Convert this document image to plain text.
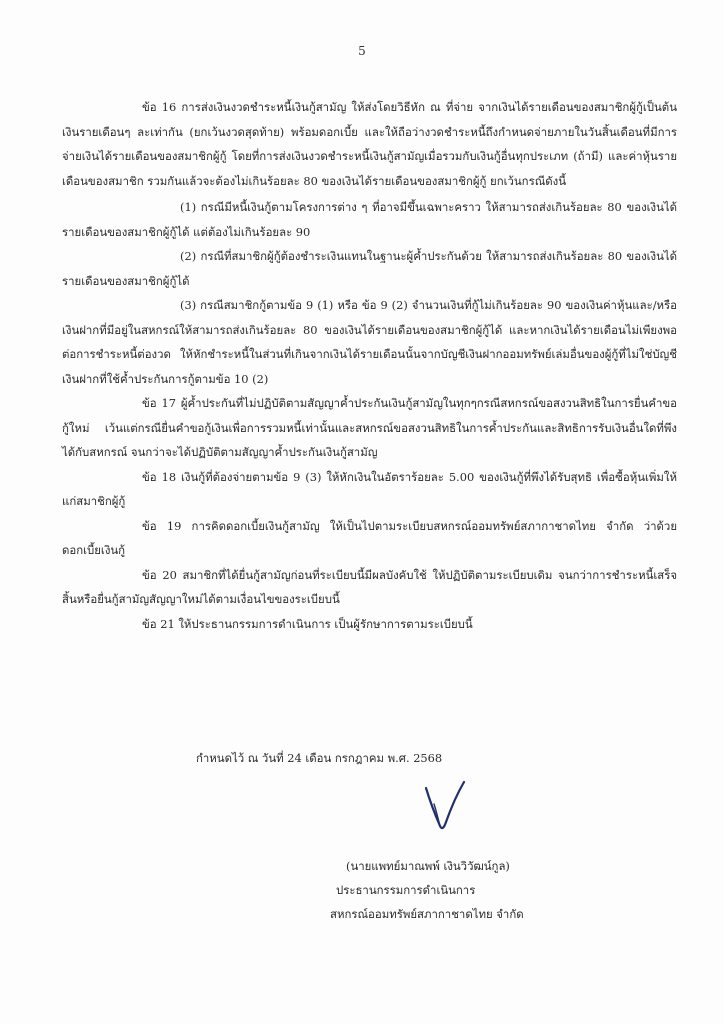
5

ข้อ 16 การส่งเงินงวดชำระหนี้เงินกู้สามัญ ให้ส่งโดยวิธีหัก ณ ที่จ่าย จากเงินได้รายเดือนของสมาชิกผู้กู้เป็นต้นเงินรายเดือนๆ ละเท่ากัน (ยกเว้นงวดสุดท้าย) พร้อมดอกเบี้ย และให้ถือว่างวดชำระหนี้ถึงกำหนดจ่ายภายในวันสิ้นเดือนที่มีการจ่ายเงินได้รายเดือนของสมาชิกผู้กู้ โดยที่การส่งเงินงวดชำระหนี้เงินกู้สามัญเมื่อรวมกับเงินกู้อื่นทุกประเภท (ถ้ามี) และค่าหุ้นรายเดือนของสมาชิก รวมกันแล้วจะต้องไม่เกินร้อยละ 80 ของเงินได้รายเดือนของสมาชิกผู้กู้ ยกเว้นกรณีดังนี้

(1) กรณีมีหนี้เงินกู้ตามโครงการต่าง ๆ ที่อาจมีขึ้นเฉพาะคราว ให้สามารถส่งเกินร้อยละ 80 ของเงินได้รายเดือนของสมาชิกผู้กู้ได้ แต่ต้องไม่เกินร้อยละ 90

(2) กรณีที่สมาชิกผู้กู้ต้องชำระเงินแทนในฐานะผู้ค้ำประกันด้วย ให้สามารถส่งเกินร้อยละ 80 ของเงินได้รายเดือนของสมาชิกผู้กู้ได้

(3) กรณีสมาชิกกู้ตามข้อ 9 (1) หรือ ข้อ 9 (2) จำนวนเงินที่กู้ไม่เกินร้อยละ 90 ของเงินค่าหุ้นและ/หรือเงินฝากที่มีอยู่ในสหกรณ์ให้สามารถส่งเกินร้อยละ 80 ของเงินได้รายเดือนของสมาชิกผู้กู้ได้ และหากเงินได้รายเดือนไม่เพียงพอต่อการชำระหนี้ต่องวด ให้หักชำระหนี้ในส่วนที่เกินจากเงินได้รายเดือนนั้นจากบัญชีเงินฝากออมทรัพย์เล่มอื่นของผู้กู้ที่ไม่ใช่บัญชีเงินฝากที่ใช้ค้ำประกันการกู้ตามข้อ 10 (2)

ข้อ 17 ผู้ค้ำประกันที่ไม่ปฏิบัติตามสัญญาค้ำประกันเงินกู้สามัญในทุกๆกรณีสหกรณ์ขอสงวนสิทธิในการยื่นคำขอกู้ใหม่ เว้นแต่กรณียื่นคำขอกู้เงินเพื่อการรวมหนี้เท่านั้นและสหกรณ์ขอสงวนสิทธิในการค้ำประกันและสิทธิการรับเงินอื่นใดที่พึงได้กับสหกรณ์ จนกว่าจะได้ปฏิบัติตามสัญญาค้ำประกันเงินกู้สามัญ

ข้อ 18 เงินกู้ที่ต้องจ่ายตามข้อ 9 (3) ให้หักเงินในอัตราร้อยละ 5.00 ของเงินกู้ที่พึงได้รับสุทธิ เพื่อซื้อหุ้นเพิ่มให้แก่สมาชิกผู้กู้

ข้อ 19 การคิดดอกเบี้ยเงินกู้สามัญ ให้เป็นไปตามระเบียบสหกรณ์ออมทรัพย์สภากาชาดไทย จำกัด ว่าด้วยดอกเบี้ยเงินกู้

ข้อ 20 สมาชิกที่ได้ยื่นกู้สามัญก่อนที่ระเบียบนี้มีผลบังคับใช้ ให้ปฏิบัติตามระเบียบเดิม จนกว่าการชำระหนี้เสร็จสิ้นหรือยื่นกู้สามัญสัญญาใหม่ได้ตามเงื่อนไขของระเบียบนี้

ข้อ 21 ให้ประธานกรรมการดำเนินการ เป็นผู้รักษาการตามระเบียบนี้

กำหนดไว้ ณ วันที่ 24 เดือน กรกฎาคม พ.ศ. 2568
(นายแพทย์มาณพพ์ เงินวิวัฒน์กูล)
ประธานกรรมการดำเนินการ
สหกรณ์ออมทรัพย์สภากาชาดไทย จำกัด
